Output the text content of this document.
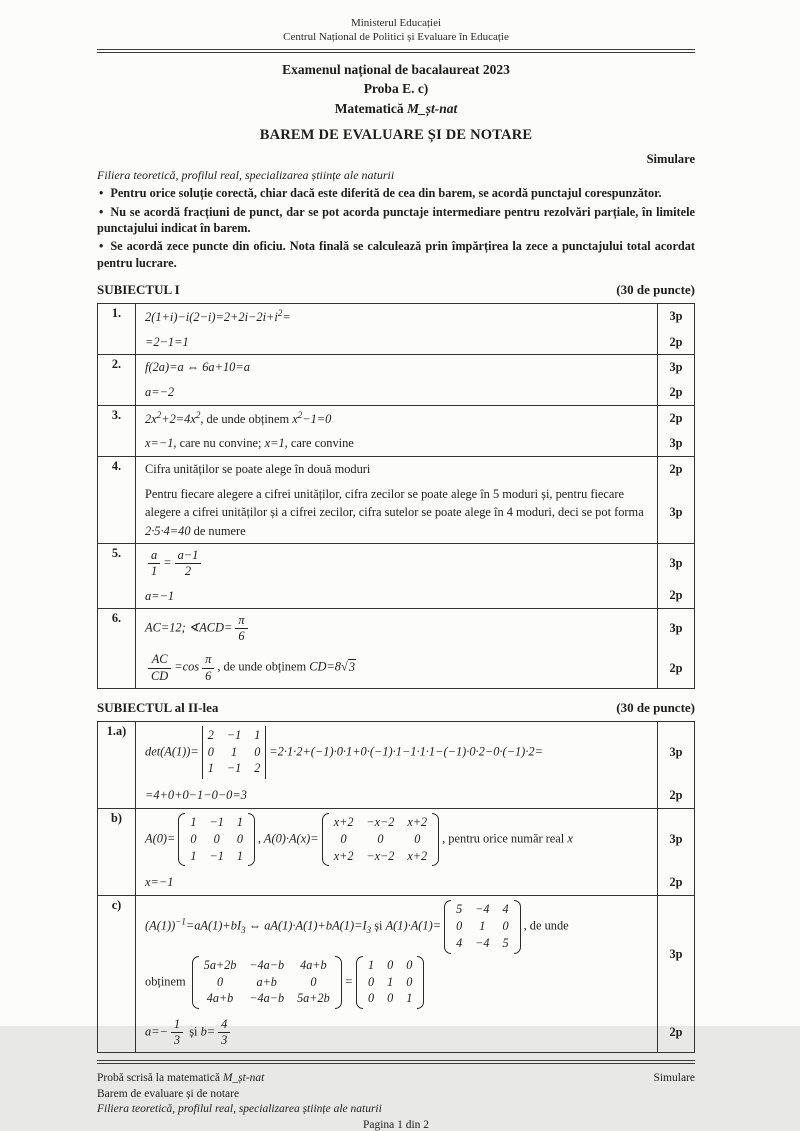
Ministerul Educației
Centrul Național de Politici și Evaluare în Educație
Examenul național de bacalaureat 2023
Proba E. c)
Matematică M_șt-nat
BAREM DE EVALUARE ȘI DE NOTARE
Simulare
Filiera teoretică, profilul real, specializarea științe ale naturii

• Pentru orice soluție corectă, chiar dacă este diferită de cea din barem, se acordă punctajul corespunzător.

• Nu se acordă fracțiuni de punct, dar se pot acorda punctaje intermediare pentru rezolvări parțiale, în limitele punctajului indicat în barem.

• Se acordă zece puncte din oficiu. Nota finală se calculează prin împărțirea la zece a punctajului total acordat pentru lucrare.

SUBIECTUL I	(30 de puncte)
1.	$2(1+i)-i(2-i)=2+2i-2i+i^2=$	3p
=2−1=1	2p
2.	f(2a)=a ⇔ 6a+10=a	3p
a=−2	2p
3.	$2x^2+2=4x^2$, de unde obținem $x^2-1=0$	2p
x=−1, care nu convine; x=1, care convine	3p
4.	Cifra unităților se poate alege în două moduri	2p
Pentru fiecare alegere a cifrei unităților, cifra zecilor se poate alege în 5 moduri și, pentru fiecare alegere a cifrei unităților și a cifrei zecilor, cifra sutelor se poate alege în 4 moduri, deci se pot forma 2·5·4=40 de numere
3p
5.	$\frac{a}{1} = \frac{a-1}{2}$	3p
a=−1	2p
6.
AC=12; ∢ACD= $\frac{\pi}{6}$	3p
$\frac{AC}{CD} =\cos \frac{\pi}{6}$ , de unde obținem CD=8√3	2p
SUBIECTUL al II-lea	(30 de puncte)
1.a)
det(A(1))=
2 −1 1
0	1	0
1 −1 2
=2·1·2+(−1)·0·1+0·(−1)·1−1·1·1−(−1)·0·2−0·(−1)·2=	3p
=4+0+0−1−0−0=3	2p
b)
A(0)=
1 −1 1
0	0	0
1 −1 1
, A(0)·A(x)=
x+2 −x−2 x+2
0	0	0
x+2 −x−2 x+2
, pentru orice număr real x	3p
x=−1	2p
c)
$(A(1))^{-1}=aA(1)+bI_3$ ⇔ $aA(1)\cdot A(1)+bA(1)=I_3$ și A(1)·A(1)=
5 −4 4
0	1	0
4 −4 5
, de unde
obținem
5a+2b −4a−b 4a+b
0	a+b	0
4a+b −4a−b 5a+2b
=
1 0 0
0 1 0
0 0 1
3p
$a=- \frac{1}{3}$ și $b= \frac{4}{3}$	2p
Probă scrisă la matematică M_șt-nat	Simulare
Barem de evaluare și de notare
Filiera teoretică, profilul real, specializarea științe ale naturii
Pagina 1 din 2
